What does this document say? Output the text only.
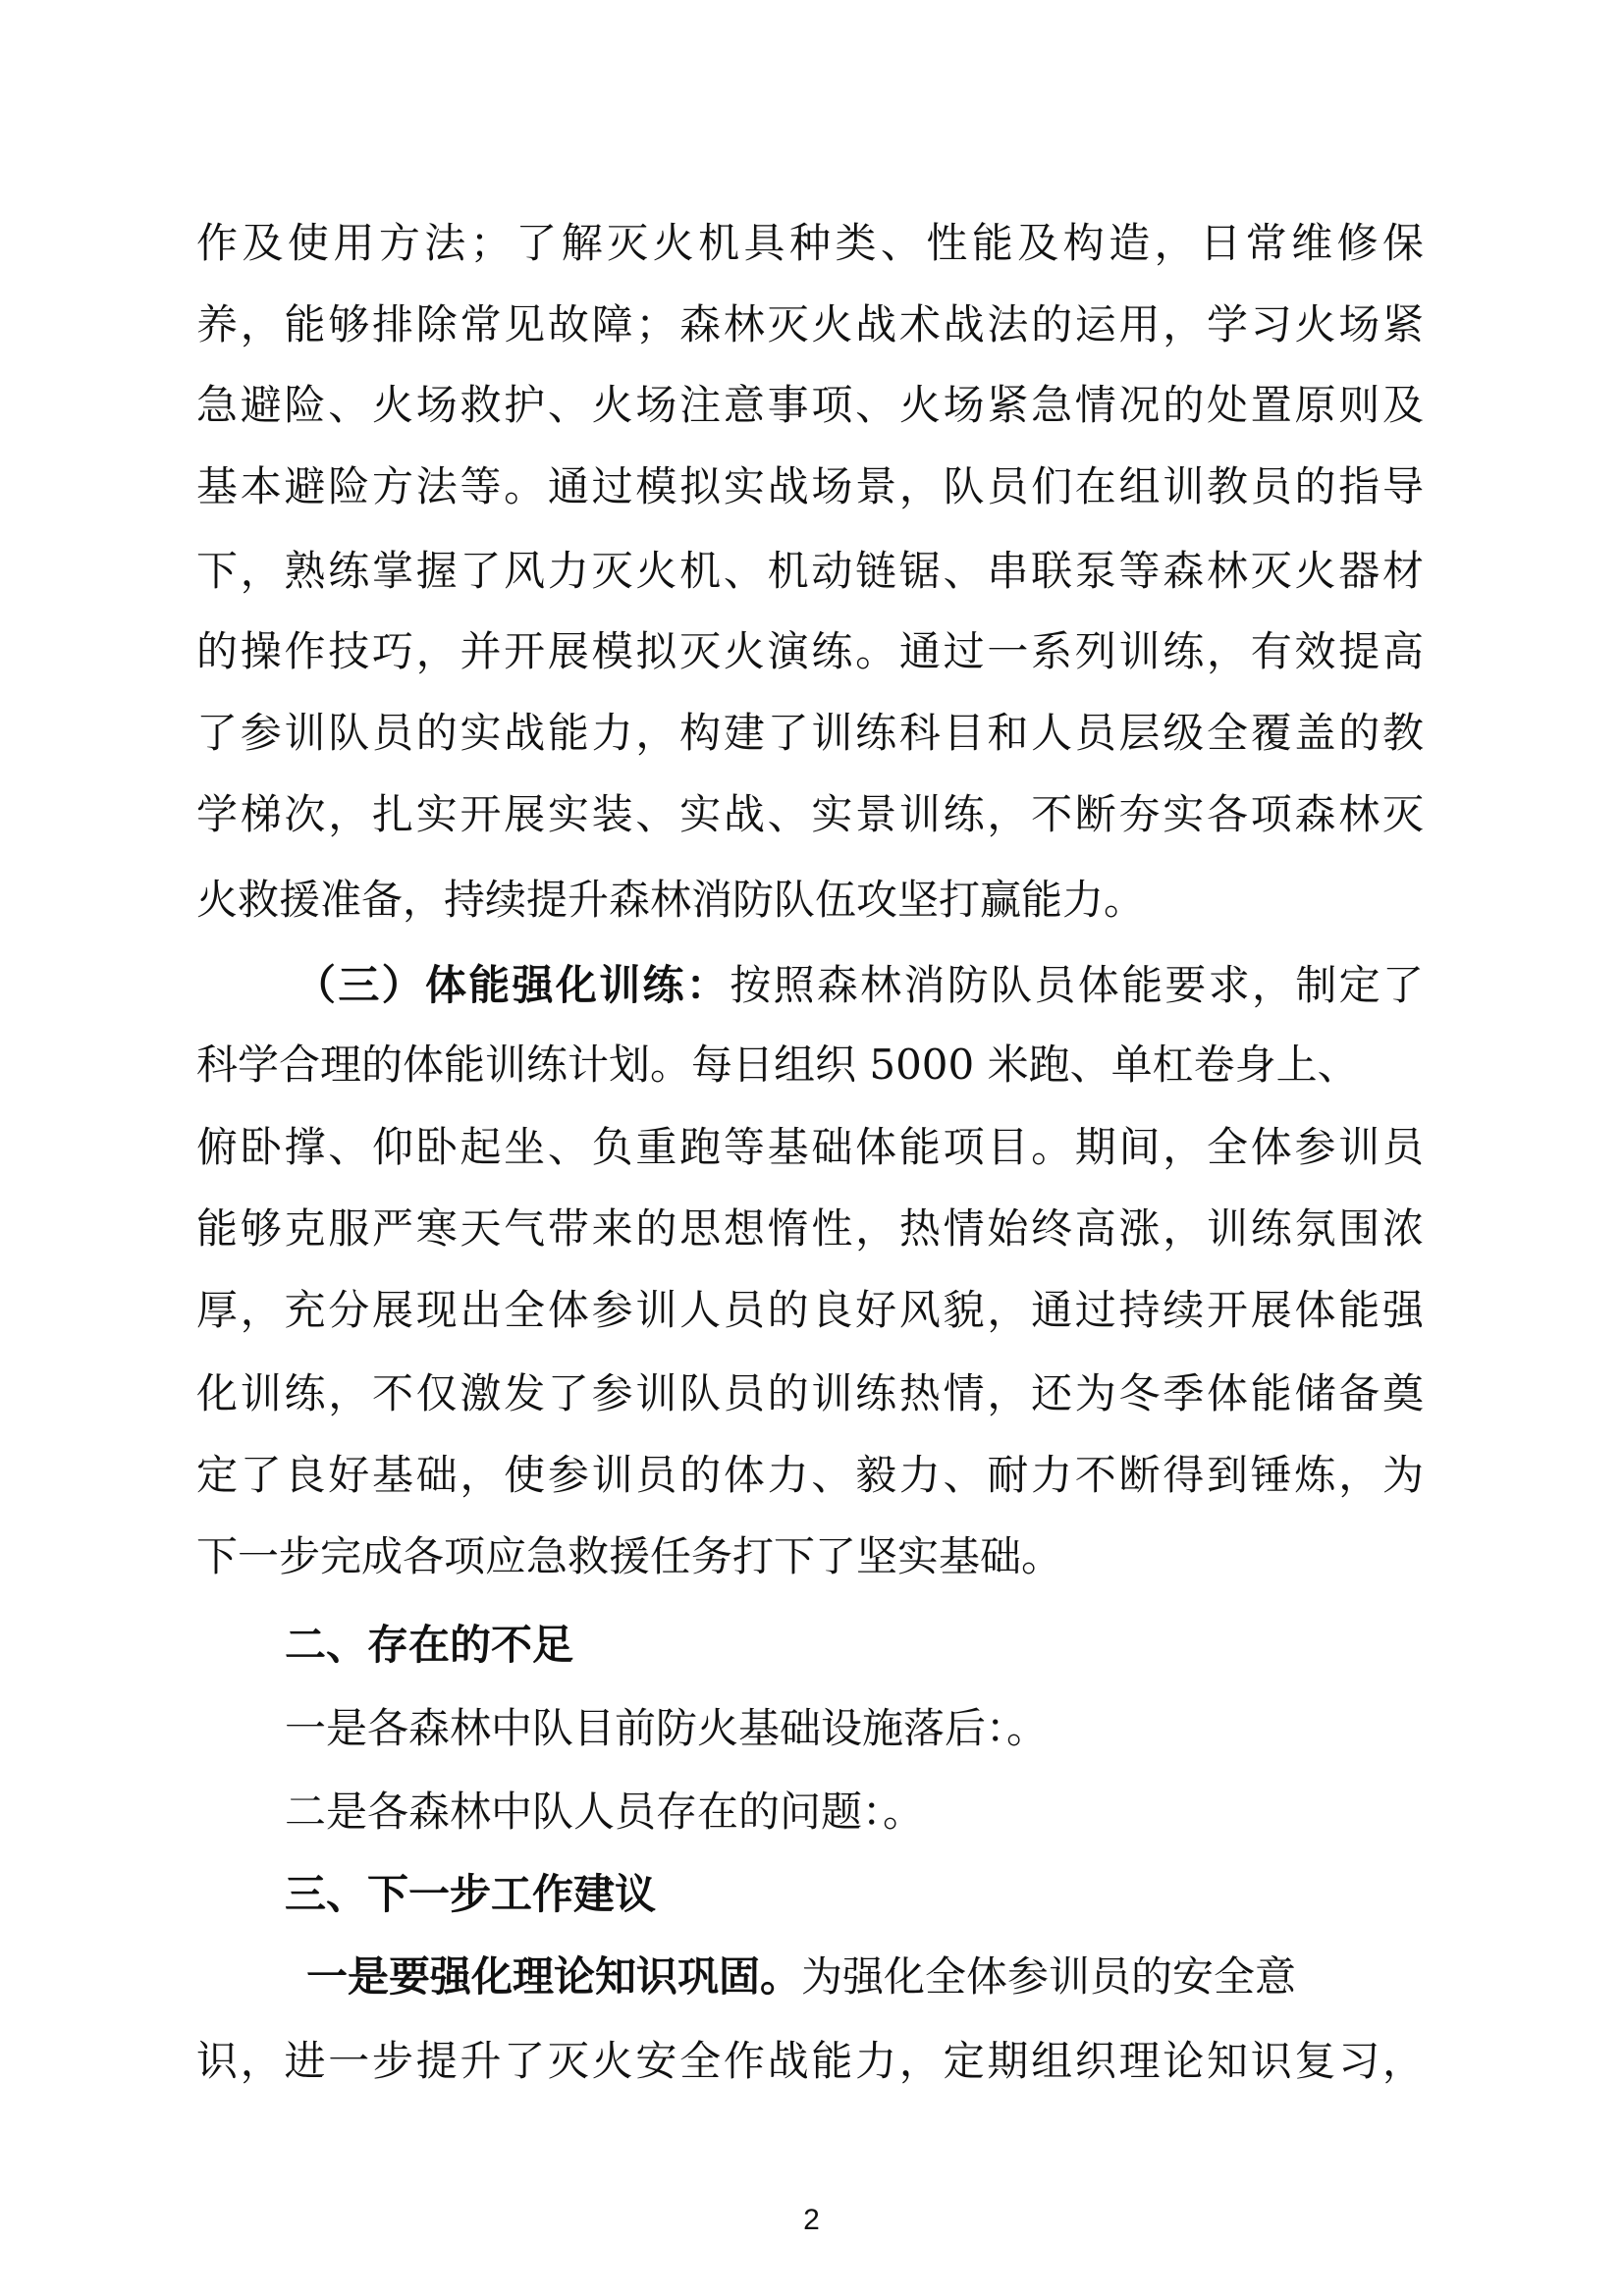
作及使用方法；了解灭火机具种类、性能及构造，日常维修保
养，能够排除常见故障；森林灭火战术战法的运用，学习火场紧
急避险、火场救护、火场注意事项、火场紧急情况的处置原则及
基本避险方法等。通过模拟实战场景，队员们在组训教员的指导
下，熟练掌握了风力灭火机、机动链锯、串联泵等森林灭火器材
的操作技巧，并开展模拟灭火演练。通过一系列训练，有效提高
了参训队员的实战能力，构建了训练科目和人员层级全覆盖的教
学梯次，扎实开展实装、实战、实景训练，不断夯实各项森林灭
火救援准备，持续提升森林消防队伍攻坚打赢能力。
（三）体能强化训练：按照森林消防队员体能要求，制定了
科学合理的体能训练计划。每日组织 5000 米跑、单杠卷身上、
俯卧撑、仰卧起坐、负重跑等基础体能项目。期间，全体参训员
能够克服严寒天气带来的思想惰性，热情始终高涨，训练氛围浓
厚，充分展现出全体参训人员的良好风貌，通过持续开展体能强
化训练，不仅激发了参训队员的训练热情，还为冬季体能储备奠
定了良好基础，使参训员的体力、毅力、耐力不断得到锤炼，为
下一步完成各项应急救援任务打下了坚实基础。
二、存在的不足
一是各森林中队目前防火基础设施落后：。
二是各森林中队人员存在的问题：。
三、下一步工作建议
一是要强化理论知识巩固。为强化全体参训员的安全意
识，进一步提升了灭火安全作战能力，定期组织理论知识复习，
2
